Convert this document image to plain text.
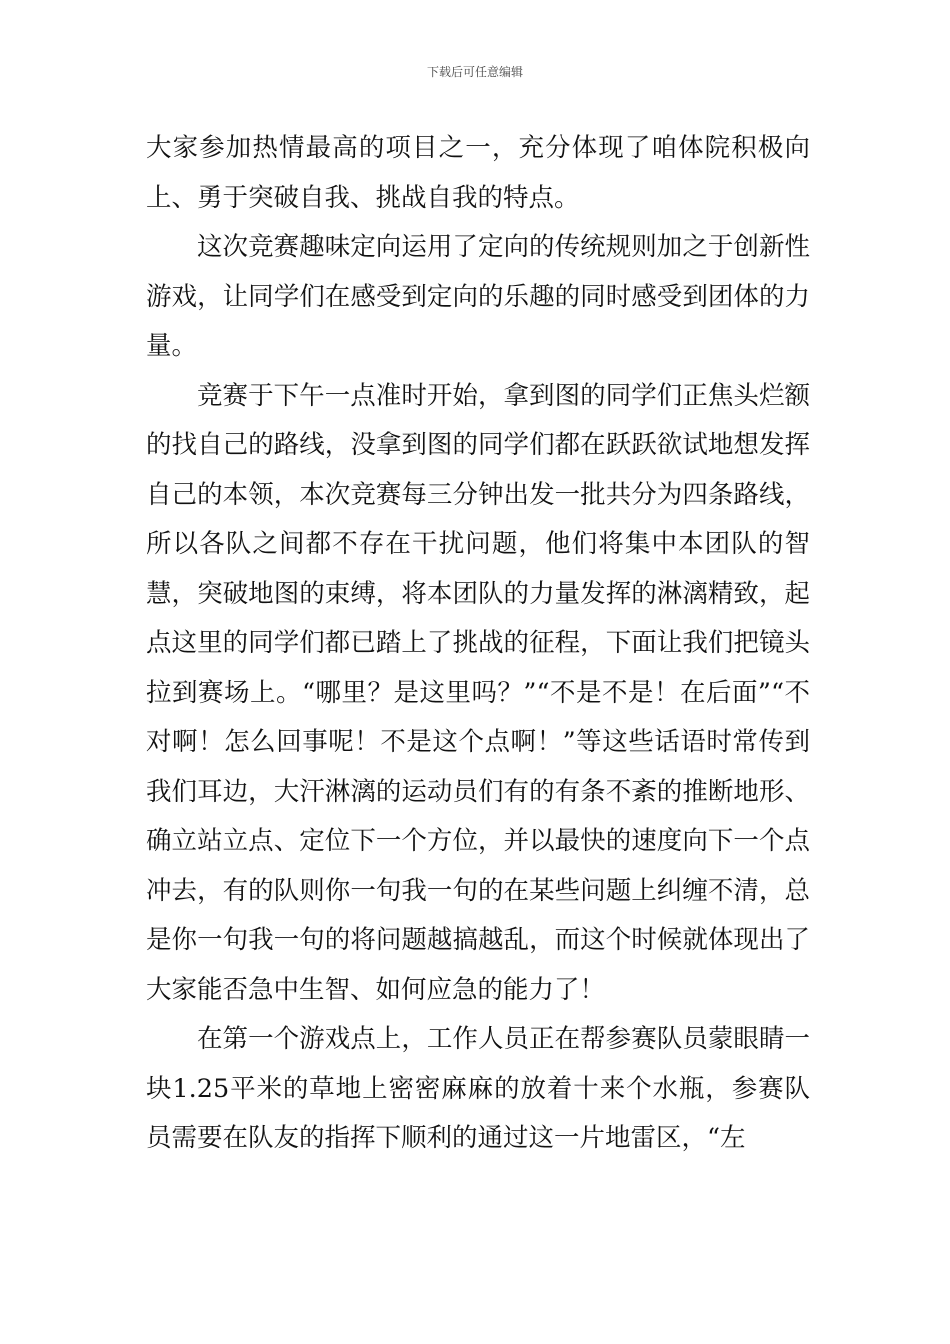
下载后可任意编辑

大家参加热情最高的项目之一，充分体现了咱体院积极向上、勇于突破自我、挑战自我的特点。

这次竞赛趣味定向运用了定向的传统规则加之于创新性游戏，让同学们在感受到定向的乐趣的同时感受到团体的力量。

竞赛于下午一点准时开始，拿到图的同学们正焦头烂额的找自己的路线，没拿到图的同学们都在跃跃欲试地想发挥自己的本领，本次竞赛每三分钟出发一批共分为四条路线，所以各队之间都不存在干扰问题，他们将集中本团队的智慧，突破地图的束缚，将本团队的力量发挥的淋漓精致，起点这里的同学们都已踏上了挑战的征程，下面让我们把镜头拉到赛场上。“哪里？是这里吗？”“不是不是！在后面”“不对啊！怎么回事呢！不是这个点啊！”等这些话语时常传到我们耳边，大汗淋漓的运动员们有的有条不紊的推断地形、确立站立点、定位下一个方位，并以最快的速度向下一个点冲去，有的队则你一句我一句的在某些问题上纠缠不清，总是你一句我一句的将问题越搞越乱，而这个时候就体现出了大家能否急中生智、如何应急的能力了！

在第一个游戏点上，工作人员正在帮参赛队员蒙眼睛一块1.25平米的草地上密密麻麻的放着十来个水瓶，参赛队员需要在队友的指挥下顺利的通过这一片地雷区，“左
